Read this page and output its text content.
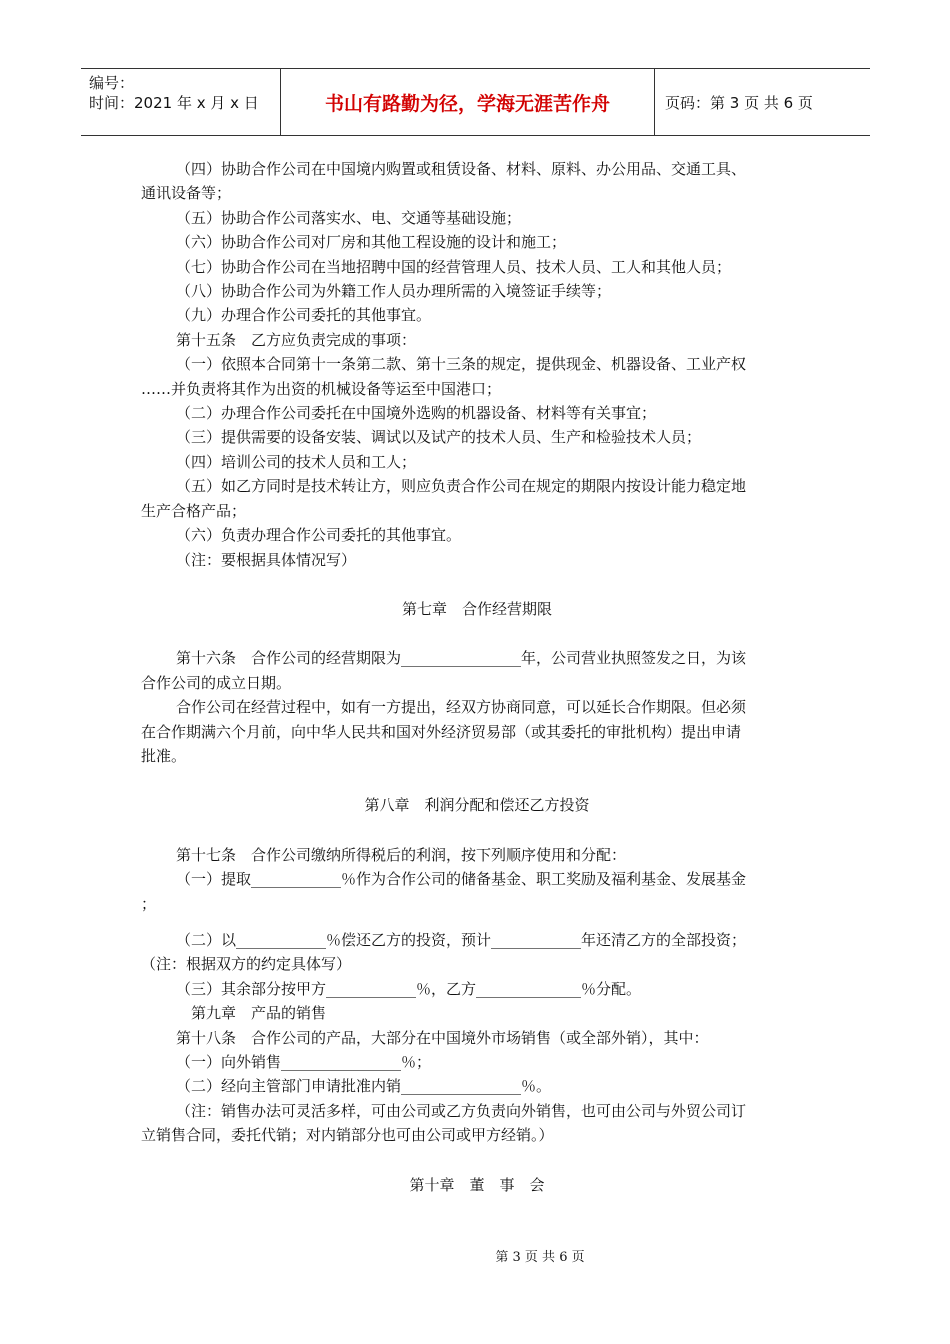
编号：
时间：2021 年 x 月 x 日	书山有路勤为径，学海无涯苦作舟	页码：第 3 页 共 6 页

（四）协助合作公司在中国境内购置或租赁设备、材料、原料、办公用品、交通工具、

通讯设备等；

（五）协助合作公司落实水、电、交通等基础设施；

（六）协助合作公司对厂房和其他工程设施的设计和施工；

（七）协助合作公司在当地招聘中国的经营管理人员、技术人员、工人和其他人员；

（八）协助合作公司为外籍工作人员办理所需的入境签证手续等；

（九）办理合作公司委托的其他事宜。

第十五条　乙方应负责完成的事项：

（一）依照本合同第十一条第二款、第十三条的规定，提供现金、机器设备、工业产权

……并负责将其作为出资的机械设备等运至中国港口；

（二）办理合作公司委托在中国境外选购的机器设备、材料等有关事宜；

（三）提供需要的设备安装、调试以及试产的技术人员、生产和检验技术人员；

（四）培训公司的技术人员和工人；

（五）如乙方同时是技术转让方，则应负责合作公司在规定的期限内按设计能力稳定地

生产合格产品；

（六）负责办理合作公司委托的其他事宜。

（注：要根据具体情况写）

第七章　合作经营期限

第十六条　合作公司的经营期限为________________年，公司营业执照签发之日，为该

合作公司的成立日期。

合作公司在经营过程中，如有一方提出，经双方协商同意，可以延长合作期限。但必须

在合作期满六个月前，向中华人民共和国对外经济贸易部（或其委托的审批机构）提出申请

批准。

第八章　利润分配和偿还乙方投资

第十七条　合作公司缴纳所得税后的利润，按下列顺序使用和分配：

（一）提取____________％作为合作公司的储备基金、职工奖励及福利基金、发展基金

；

（二）以____________％偿还乙方的投资，预计____________年还清乙方的全部投资；

（注：根据双方的约定具体写）

（三）其余部分按甲方____________％，乙方______________％分配。

第九章　产品的销售

第十八条　合作公司的产品，大部分在中国境外市场销售（或全部外销），其中：

（一）向外销售________________％；

（二）经向主管部门申请批准内销________________％。

（注：销售办法可灵活多样，可由公司或乙方负责向外销售，也可由公司与外贸公司订

立销售合同，委托代销；对内销部分也可由公司或甲方经销。）

第十章　董　事　会

第 3 页 共 6 页
